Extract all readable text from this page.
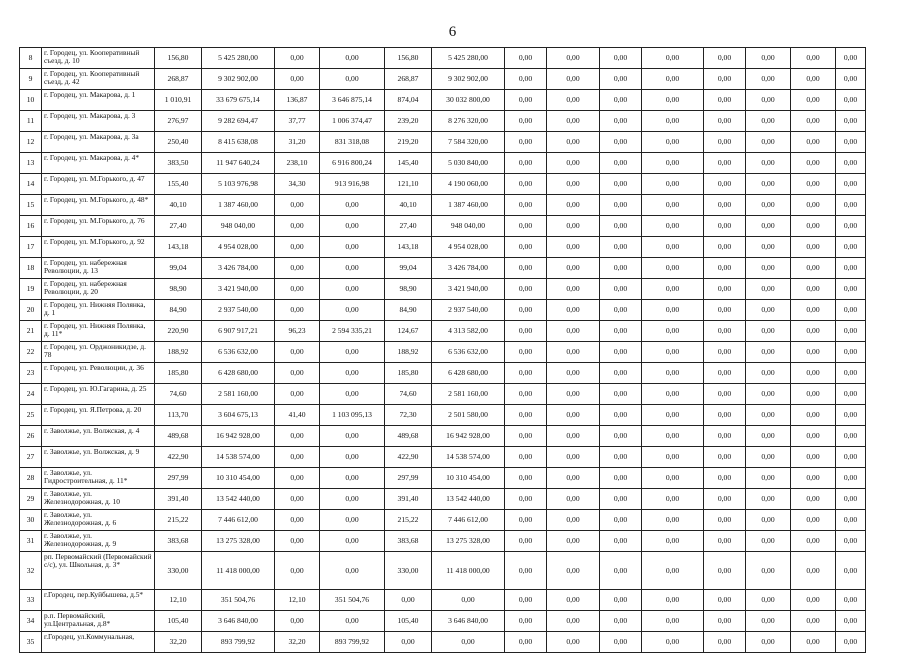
6
8	г. Городец, ул. Кооперативный съезд, д. 10	156,80	5 425 280,00	0,00	0,00	156,80	5 425 280,00	0,00	0,00	0,00	0,00	0,00	0,00	0,00	0,00
9	г. Городец, ул. Кооперативный съезд, д. 42	268,87	9 302 902,00	0,00	0,00	268,87	9 302 902,00	0,00	0,00	0,00	0,00	0,00	0,00	0,00	0,00
10	г. Городец, ул. Макарова, д. 1	1 010,91	33 679 675,14	136,87	3 646 875,14	874,04	30 032 800,00	0,00	0,00	0,00	0,00	0,00	0,00	0,00	0,00
11	г. Городец, ул. Макарова, д. 3	276,97	9 282 694,47	37,77	1 006 374,47	239,20	8 276 320,00	0,00	0,00	0,00	0,00	0,00	0,00	0,00	0,00
12	г. Городец, ул. Макарова, д. 3а	250,40	8 415 638,08	31,20	831 318,08	219,20	7 584 320,00	0,00	0,00	0,00	0,00	0,00	0,00	0,00	0,00
13	г. Городец, ул. Макарова, д. 4*	383,50	11 947 640,24	238,10	6 916 800,24	145,40	5 030 840,00	0,00	0,00	0,00	0,00	0,00	0,00	0,00	0,00
14	г. Городец, ул. М.Горького, д. 47	155,40	5 103 976,98	34,30	913 916,98	121,10	4 190 060,00	0,00	0,00	0,00	0,00	0,00	0,00	0,00	0,00
15	г. Городец, ул. М.Горького, д. 48*	40,10	1 387 460,00	0,00	0,00	40,10	1 387 460,00	0,00	0,00	0,00	0,00	0,00	0,00	0,00	0,00
16	г. Городец, ул. М.Горького, д. 76	27,40	948 040,00	0,00	0,00	27,40	948 040,00	0,00	0,00	0,00	0,00	0,00	0,00	0,00	0,00
17	г. Городец, ул. М.Горького, д. 92	143,18	4 954 028,00	0,00	0,00	143,18	4 954 028,00	0,00	0,00	0,00	0,00	0,00	0,00	0,00	0,00
18	г. Городец, ул. набережная Революции, д. 13	99,04	3 426 784,00	0,00	0,00	99,04	3 426 784,00	0,00	0,00	0,00	0,00	0,00	0,00	0,00	0,00
19	г. Городец, ул. набережная Революции, д. 20	98,90	3 421 940,00	0,00	0,00	98,90	3 421 940,00	0,00	0,00	0,00	0,00	0,00	0,00	0,00	0,00
20	г. Городец, ул. Нижняя Полянка, д. 1	84,90	2 937 540,00	0,00	0,00	84,90	2 937 540,00	0,00	0,00	0,00	0,00	0,00	0,00	0,00	0,00
21	г. Городец, ул. Нижняя Полянка, д. 11*	220,90	6 907 917,21	96,23	2 594 335,21	124,67	4 313 582,00	0,00	0,00	0,00	0,00	0,00	0,00	0,00	0,00
22	г. Городец, ул. Орджоникидзе, д. 78	188,92	6 536 632,00	0,00	0,00	188,92	6 536 632,00	0,00	0,00	0,00	0,00	0,00	0,00	0,00	0,00
23	г. Городец, ул. Революции, д. 36	185,80	6 428 680,00	0,00	0,00	185,80	6 428 680,00	0,00	0,00	0,00	0,00	0,00	0,00	0,00	0,00
24	г. Городец, ул. Ю.Гагарина, д. 25	74,60	2 581 160,00	0,00	0,00	74,60	2 581 160,00	0,00	0,00	0,00	0,00	0,00	0,00	0,00	0,00
25	г. Городец, ул. Я.Петрова, д. 20	113,70	3 604 675,13	41,40	1 103 095,13	72,30	2 501 580,00	0,00	0,00	0,00	0,00	0,00	0,00	0,00	0,00
26	г. Заволжье, ул. Волжская, д. 4	489,68	16 942 928,00	0,00	0,00	489,68	16 942 928,00	0,00	0,00	0,00	0,00	0,00	0,00	0,00	0,00
27	г. Заволжье, ул. Волжская, д. 9	422,90	14 538 574,00	0,00	0,00	422,90	14 538 574,00	0,00	0,00	0,00	0,00	0,00	0,00	0,00	0,00
28	г. Заволжье, ул. Гидростроительная, д. 11*	297,99	10 310 454,00	0,00	0,00	297,99	10 310 454,00	0,00	0,00	0,00	0,00	0,00	0,00	0,00	0,00
29	г. Заволжье, ул. Железнодорожная, д. 10	391,40	13 542 440,00	0,00	0,00	391,40	13 542 440,00	0,00	0,00	0,00	0,00	0,00	0,00	0,00	0,00
30	г. Заволжье, ул. Железнодорожная, д. 6	215,22	7 446 612,00	0,00	0,00	215,22	7 446 612,00	0,00	0,00	0,00	0,00	0,00	0,00	0,00	0,00
31	г. Заволжье, ул. Железнодорожная, д. 9	383,68	13 275 328,00	0,00	0,00	383,68	13 275 328,00	0,00	0,00	0,00	0,00	0,00	0,00	0,00	0,00
32	рп. Первомайский (Первомайский с/с), ул. Школьная, д. 3*	330,00	11 418 000,00	0,00	0,00	330,00	11 418 000,00	0,00	0,00	0,00	0,00	0,00	0,00	0,00	0,00
33	г.Городец, пер.Куйбышева, д.5*	12,10	351 504,76	12,10	351 504,76	0,00	0,00	0,00	0,00	0,00	0,00	0,00	0,00	0,00	0,00
34	р.п. Первомайский, ул.Центральная, д.8*	105,40	3 646 840,00	0,00	0,00	105,40	3 646 840,00	0,00	0,00	0,00	0,00	0,00	0,00	0,00	0,00
35	г.Городец, ул.Коммунальная,	32,20	893 799,92	32,20	893 799,92	0,00	0,00	0,00	0,00	0,00	0,00	0,00	0,00	0,00	0,00
